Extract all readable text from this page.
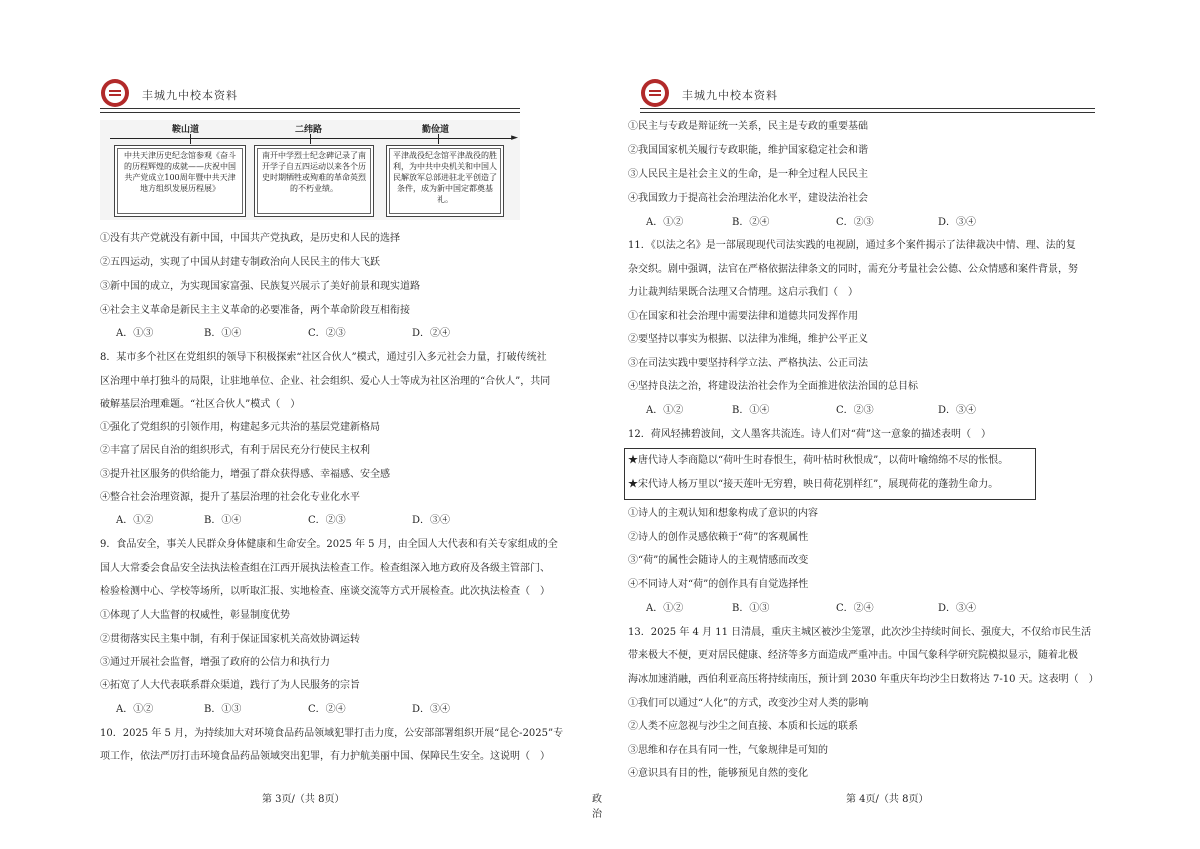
丰城九中校本资料
►
鞍山道	二纬路	勤俭道
中共天津历史纪念馆参观《奋斗的历程辉煌的成就——庆祝中国共产党成立100周年暨中共天津地方组织发展历程展》
南开中学烈士纪念碑记录了南开学子自五四运动以来各个历史时期牺牲或殉难的革命英烈的不朽业绩。
平津战役纪念馆平津战役的胜利，为中共中央机关和中国人民解放军总部进驻北平创造了条件，成为新中国定都奠基礼。
①没有共产党就没有新中国，中国共产党执政，是历史和人民的选择
②五四运动，实现了中国从封建专制政治向人民民主的伟大飞跃
③新中国的成立，为实现国家富强、民族复兴展示了美好前景和现实道路
④社会主义革命是新民主主义革命的必要准备，两个革命阶段互相衔接
A．①③	B．①④	C．②③	D．②④
8．某市多个社区在党组织的领导下积极探索“社区合伙人”模式，通过引入多元社会力量，打破传统社
区治理中单打独斗的局限，让驻地单位、企业、社会组织、爱心人士等成为社区治理的“合伙人”，共同
破解基层治理难题。“社区合伙人”模式（　）
①强化了党组织的引领作用，构建起多元共治的基层党建新格局
②丰富了居民自治的组织形式，有利于居民充分行使民主权利
③提升社区服务的供给能力，增强了群众获得感、幸福感、安全感
④整合社会治理资源，提升了基层治理的社会化专业化水平
A．①②	B．①④	C．②③	D．③④
9．食品安全，事关人民群众身体健康和生命安全。2025 年 5 月，由全国人大代表和有关专家组成的全
国人大常委会食品安全法执法检查组在江西开展执法检查工作。检查组深入地方政府及各级主管部门、
检验检测中心、学校等场所，以听取汇报、实地检查、座谈交流等方式开展检查。此次执法检查（　）
①体现了人大监督的权威性，彰显制度优势
②贯彻落实民主集中制，有利于保证国家机关高效协调运转
③通过开展社会监督，增强了政府的公信力和执行力
④拓宽了人大代表联系群众渠道，践行了为人民服务的宗旨
A．①②	B．①③	C．②④	D．③④
10．2025 年 5 月，为持续加大对环境食品药品领域犯罪打击力度，公安部部署组织开展“昆仑-2025”专
项工作，依法严厉打击环境食品药品领域突出犯罪，有力护航美丽中国、保障民生安全。这说明（　）
第 3页/（共 8页）	政治
丰城九中校本资料
第 4页/（共 8页）
①民主与专政是辩证统一关系，民主是专政的重要基础
②我国国家机关履行专政职能，维护国家稳定社会和谐
③人民民主是社会主义的生命，是一种全过程人民民主
④我国致力于提高社会治理法治化水平，建设法治社会
A．①②	B．②④	C．②③	D．③④
11．《以法之名》是一部展现现代司法实践的电视剧，通过多个案件揭示了法律裁决中情、理、法的复
杂交织。剧中强调，法官在严格依据法律条文的同时，需充分考量社会公德、公众情感和案件背景，努
力让裁判结果既合法理又合情理。这启示我们（　）
①在国家和社会治理中需要法律和道德共同发挥作用
②要坚持以事实为根据、以法律为准绳，维护公平正义
③在司法实践中要坚持科学立法、严格执法、公正司法
④坚持良法之治，将建设法治社会作为全面推进依法治国的总目标
A．①②	B．①④	C．②③	D．③④
12．荷风轻拂碧波间，文人墨客共流连。诗人们对“荷”这一意象的描述表明（　）
★唐代诗人李商隐以“荷叶生时春恨生，荷叶枯时秋恨成”，以荷叶喻绵绵不尽的怅恨。
★宋代诗人杨万里以“接天莲叶无穷碧，映日荷花别样红”，展现荷花的蓬勃生命力。
①诗人的主观认知和想象构成了意识的内容
②诗人的创作灵感依赖于“荷”的客观属性
③“荷”的属性会随诗人的主观情感而改变
④不同诗人对“荷”的创作具有自觉选择性
A．①②	B．①③	C．②④	D．③④
13．2025 年 4 月 11 日清晨，重庆主城区被沙尘笼罩，此次沙尘持续时间长、强度大，不仅给市民生活
带来极大不便，更对居民健康、经济等多方面造成严重冲击。中国气象科学研究院模拟显示，随着北极
海冰加速消融，西伯利亚高压将持续南压，预计到 2030 年重庆年均沙尘日数将达 7-10 天。这表明（　）
①我们可以通过“人化”的方式，改变沙尘对人类的影响
②人类不应忽视与沙尘之间直接、本质和长远的联系
③思维和存在具有同一性，气象规律是可知的
④意识具有目的性，能够预见自然的变化
